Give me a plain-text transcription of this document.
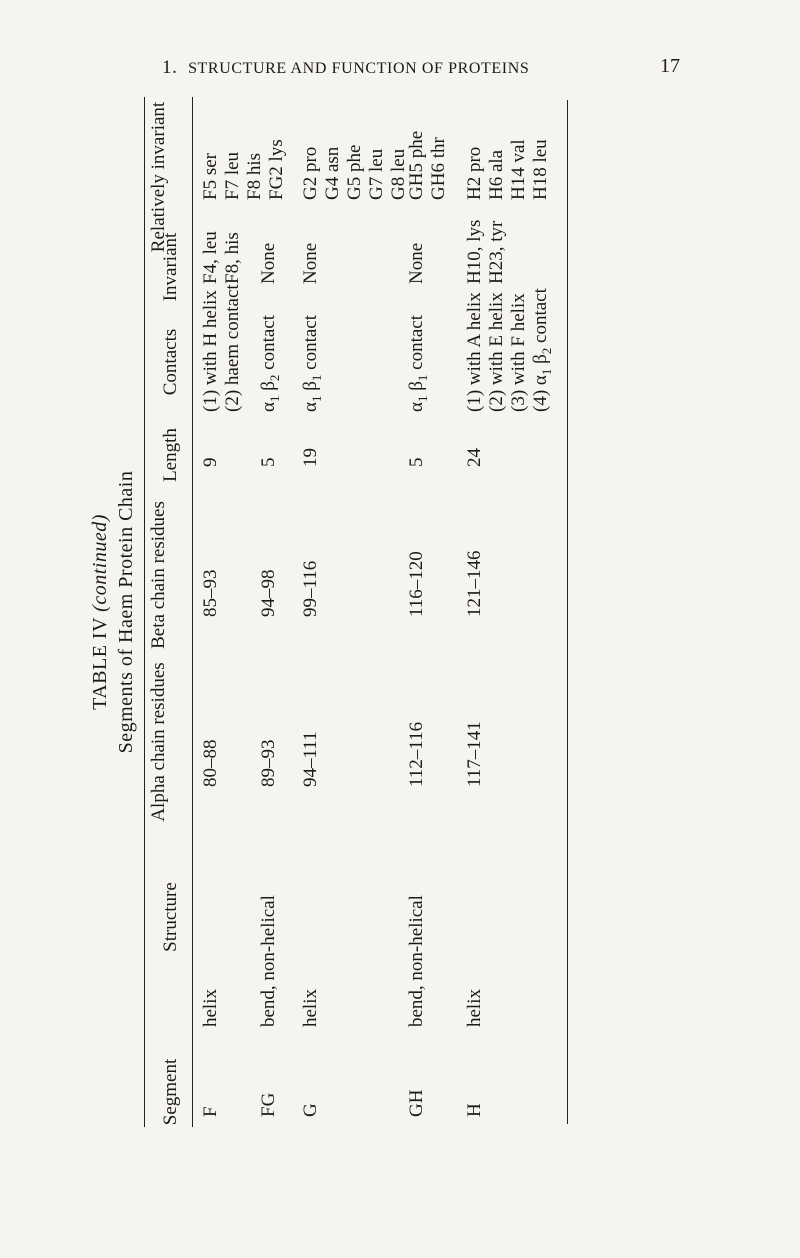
1. STRUCTURE AND FUNCTION OF PROTEINS	17
TABLE IV (continued) Segments of Haem Protein Chain
Segment
Structure
Alpha chain residues
Beta chain residues
Length
Contacts
Invariant
Relatively invariant
F
helix
80–88
85–93
9
(1) with H helix (2) haem contact
F4, leu F8, his
F5 ser F7 leu F8 his FG2 lys
FG
bend, non-helical
89–93
94–98
5
$\alpha_1$ $\beta_2$ contact
None
G
helix
94–111
99–116
19
$\alpha_1$ $\beta_1$ contact
None
G2 pro G4 asn G5 phe G7 leu G8 leu
GH
bend, non-helical
112–116
116–120
5
$\alpha_1$ $\beta_1$ contact
None
GH5 phe GH6 thr
H
helix
117–141
121–146
24
(1) with A helix (2) with E helix (3) with F helix (4) $\alpha_1$ $\beta_2$ contact
H10, lys H23, tyr
H2 pro H6 ala H14 val H18 leu
